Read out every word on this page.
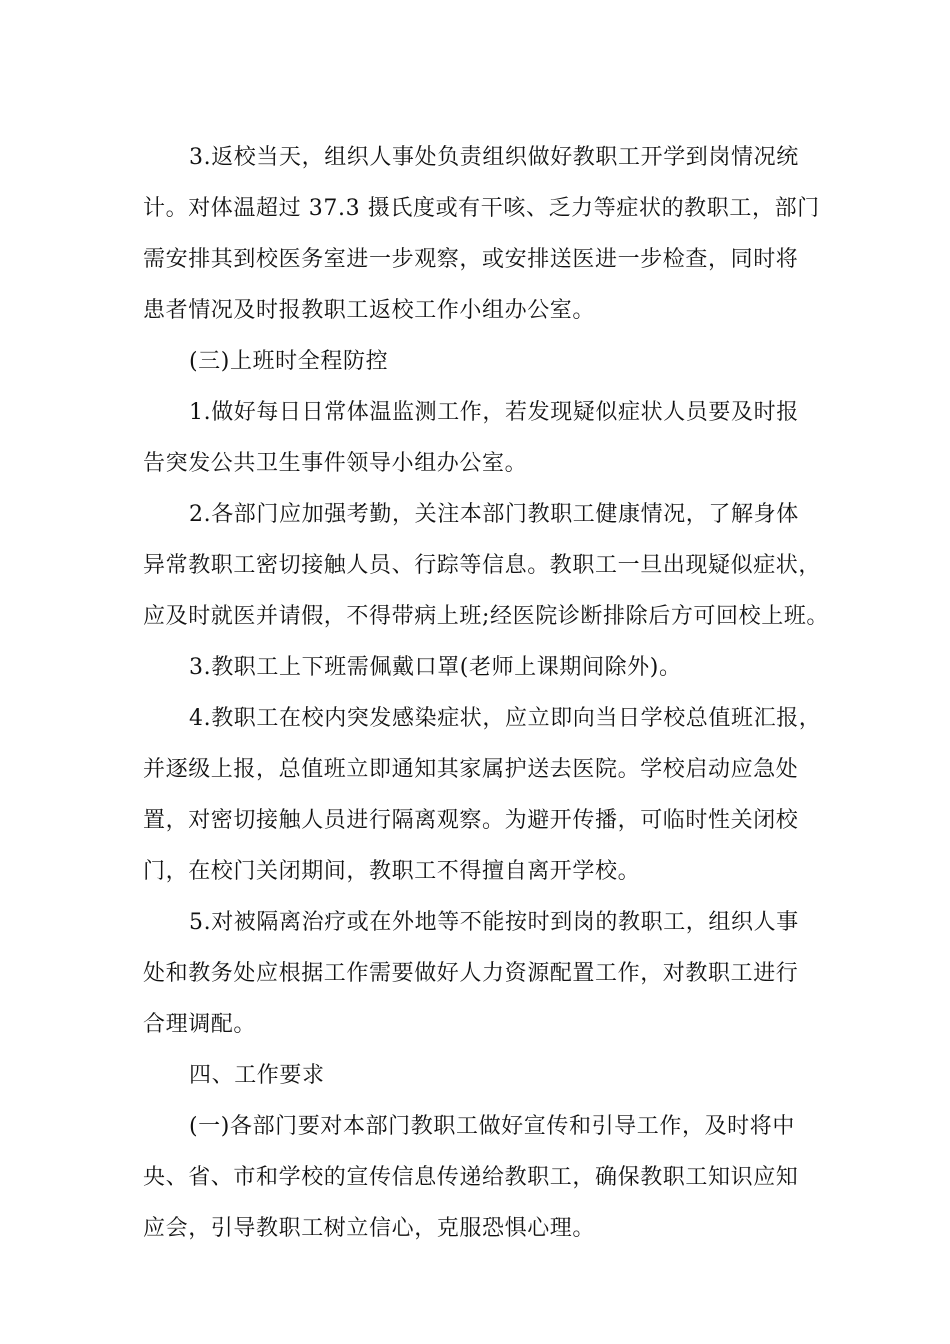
3.返校当天，组织人事处负责组织做好教职工开学到岗情况统
计。对体温超过 37.3 摄氏度或有干咳、乏力等症状的教职工，部门
需安排其到校医务室进一步观察，或安排送医进一步检查，同时将
患者情况及时报教职工返校工作小组办公室。

(三)上班时全程防控

1.做好每日日常体温监测工作，若发现疑似症状人员要及时报
告突发公共卫生事件领导小组办公室。

2.各部门应加强考勤，关注本部门教职工健康情况，了解身体
异常教职工密切接触人员、行踪等信息。教职工一旦出现疑似症状，
应及时就医并请假，不得带病上班;经医院诊断排除后方可回校上班。

3.教职工上下班需佩戴口罩(老师上课期间除外)。

4.教职工在校内突发感染症状，应立即向当日学校总值班汇报，
并逐级上报，总值班立即通知其家属护送去医院。学校启动应急处
置，对密切接触人员进行隔离观察。为避开传播，可临时性关闭校
门，在校门关闭期间，教职工不得擅自离开学校。

5.对被隔离治疗或在外地等不能按时到岗的教职工，组织人事
处和教务处应根据工作需要做好人力资源配置工作，对教职工进行
合理调配。

四、工作要求

(一)各部门要对本部门教职工做好宣传和引导工作，及时将中
央、省、市和学校的宣传信息传递给教职工，确保教职工知识应知
应会，引导教职工树立信心，克服恐惧心理。
